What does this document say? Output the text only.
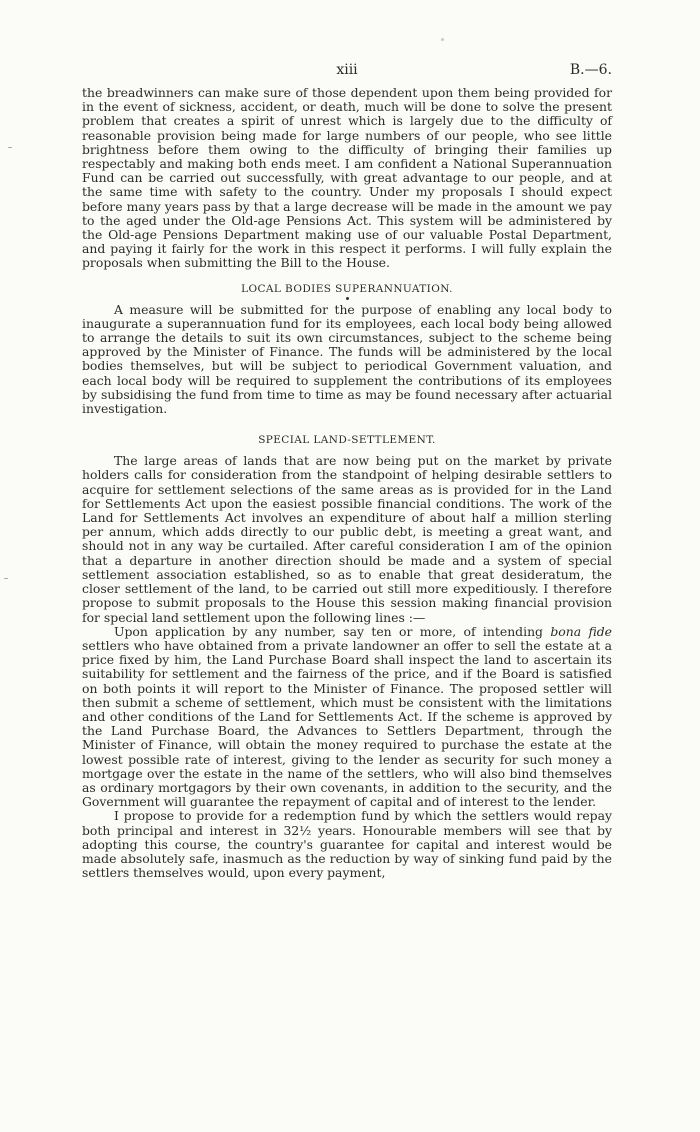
xiii	B.—6.

the breadwinners can make sure of those dependent upon them being provided for in the event of sickness, accident, or death, much will be done to solve the present problem that creates a spirit of unrest which is largely due to the difficulty of reasonable provision being made for large numbers of our people, who see little brightness before them owing to the difficulty of bringing their families up respectably and making both ends meet. I am confident a National Superannuation Fund can be carried out successfully, with great advantage to our people, and at the same time with safety to the country. Under my proposals I should expect before many years pass by that a large decrease will be made in the amount we pay to the aged under the Old-age Pensions Act. This system will be administered by the Old-age Pensions Department making use of our valuable Postal Department, and paying it fairly for the work in this respect it performs. I will fully explain the proposals when submitting the Bill to the House.

LOCAL BODIES SUPERANNUATION.

A measure will be submitted for the purpose of enabling any local body to inaugurate a superannuation fund for its employees, each local body being allowed to arrange the details to suit its own circumstances, subject to the scheme being approved by the Minister of Finance. The funds will be administered by the local bodies themselves, but will be subject to periodical Government valuation, and each local body will be required to supplement the contributions of its employees by subsidising the fund from time to time as may be found necessary after actuarial investigation.

SPECIAL LAND-SETTLEMENT.

The large areas of lands that are now being put on the market by private holders calls for consideration from the standpoint of helping desirable settlers to acquire for settlement selections of the same areas as is provided for in the Land for Settlements Act upon the easiest possible financial conditions. The work of the Land for Settlements Act involves an expenditure of about half a million sterling per annum, which adds directly to our public debt, is meeting a great want, and should not in any way be curtailed. After careful consideration I am of the opinion that a departure in another direction should be made and a system of special settlement association established, so as to enable that great desideratum, the closer settlement of the land, to be carried out still more expeditiously. I therefore propose to submit proposals to the House this session making financial provision for special land settlement upon the following lines :—

Upon application by any number, say ten or more, of intending bona fide settlers who have obtained from a private landowner an offer to sell the estate at a price fixed by him, the Land Purchase Board shall inspect the land to ascertain its suitability for settlement and the fairness of the price, and if the Board is satisfied on both points it will report to the Minister of Finance. The proposed settler will then submit a scheme of settlement, which must be consistent with the limitations and other conditions of the Land for Settlements Act. If the scheme is approved by the Land Purchase Board, the Advances to Settlers Department, through the Minister of Finance, will obtain the money required to purchase the estate at the lowest possible rate of interest, giving to the lender as security for such money a mortgage over the estate in the name of the settlers, who will also bind themselves as ordinary mortgagors by their own covenants, in addition to the security, and the Government will guarantee the repayment of capital and of interest to the lender.

I propose to provide for a redemption fund by which the settlers would repay both principal and interest in 32½ years. Honourable members will see that by adopting this course, the country's guarantee for capital and interest would be made absolutely safe, inasmuch as the reduction by way of sinking fund paid by the settlers themselves would, upon every payment,
